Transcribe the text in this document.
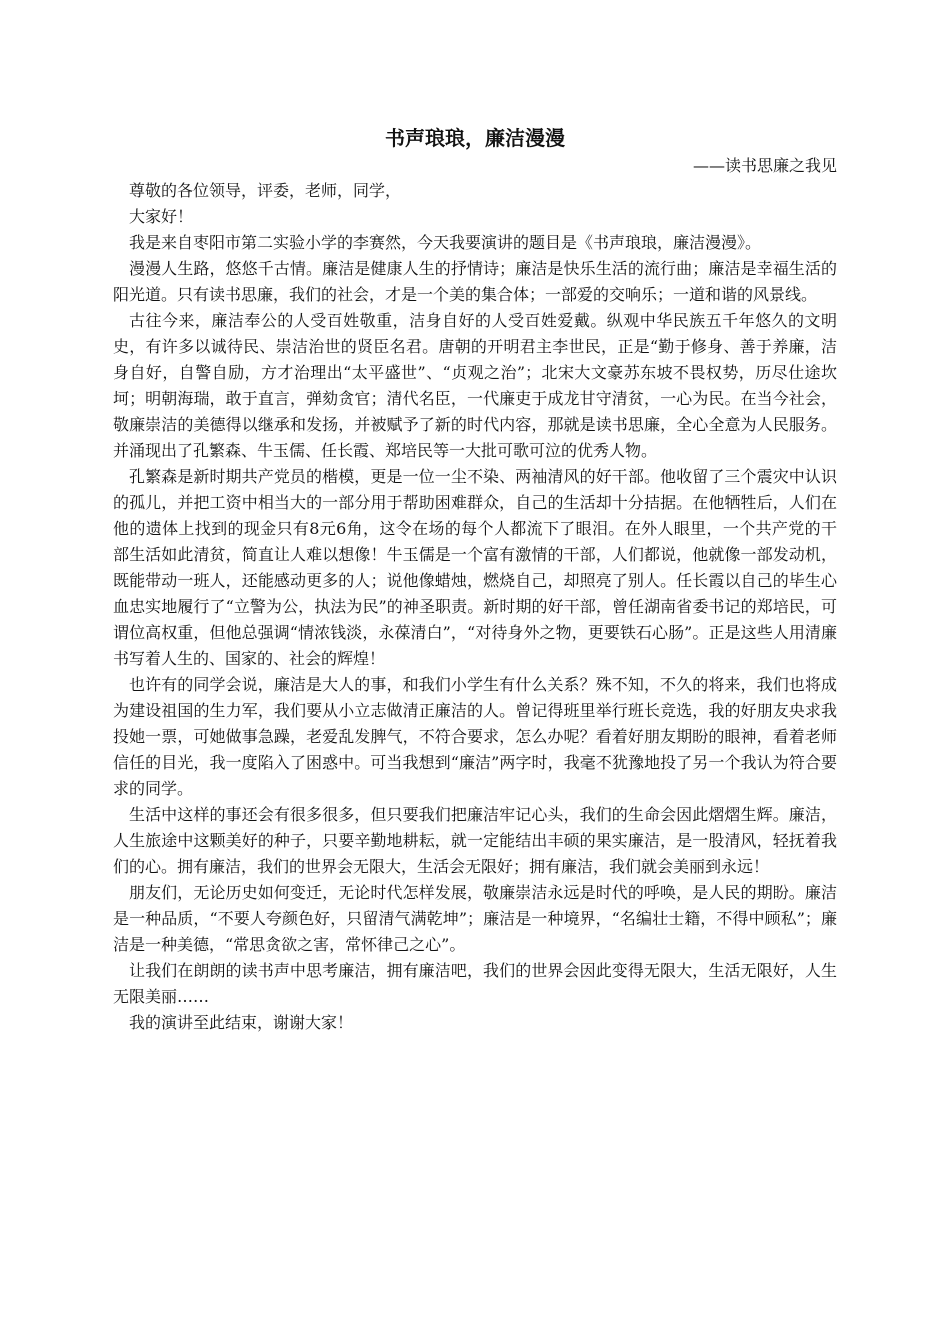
书声琅琅，廉洁漫漫

——读书思廉之我见

尊敬的各位领导，评委，老师，同学，

大家好！

我是来自枣阳市第二实验小学的李赛然，今天我要演讲的题目是《书声琅琅，廉洁漫漫》。

漫漫人生路，悠悠千古情。廉洁是健康人生的抒情诗；廉洁是快乐生活的流行曲；廉洁是幸福生活的阳光道。只有读书思廉，我们的社会，才是一个美的集合体；一部爱的交响乐；一道和谐的风景线。

古往今来，廉洁奉公的人受百姓敬重，洁身自好的人受百姓爱戴。纵观中华民族五千年悠久的文明史，有许多以诚待民、崇洁治世的贤臣名君。唐朝的开明君主李世民，正是“勤于修身、善于养廉，洁身自好，自警自励，方才治理出“太平盛世”、“贞观之治”；北宋大文豪苏东坡不畏权势，历尽仕途坎坷；明朝海瑞，敢于直言，弹劾贪官；清代名臣，一代廉吏于成龙甘守清贫，一心为民。在当今社会，敬廉崇洁的美德得以继承和发扬，并被赋予了新的时代内容，那就是读书思廉，全心全意为人民服务。并涌现出了孔繁森、牛玉儒、任长霞、郑培民等一大批可歌可泣的优秀人物。

孔繁森是新时期共产党员的楷模，更是一位一尘不染、两袖清风的好干部。他收留了三个震灾中认识的孤儿，并把工资中相当大的一部分用于帮助困难群众，自己的生活却十分拮据。在他牺牲后，人们在他的遗体上找到的现金只有8元6角，这令在场的每个人都流下了眼泪。在外人眼里，一个共产党的干部生活如此清贫，简直让人难以想像！牛玉儒是一个富有激情的干部，人们都说，他就像一部发动机，既能带动一班人，还能感动更多的人；说他像蜡烛，燃烧自己，却照亮了别人。任长霞以自己的毕生心血忠实地履行了“立警为公，执法为民”的神圣职责。新时期的好干部，曾任湖南省委书记的郑培民，可谓位高权重，但他总强调“情浓钱淡，永葆清白”，“对待身外之物，更要铁石心肠”。正是这些人用清廉书写着人生的、国家的、社会的辉煌！

也许有的同学会说，廉洁是大人的事，和我们小学生有什么关系？殊不知，不久的将来，我们也将成为建设祖国的生力军，我们要从小立志做清正廉洁的人。曾记得班里举行班长竞选，我的好朋友央求我投她一票，可她做事急躁，老爱乱发脾气，不符合要求，怎么办呢？看着好朋友期盼的眼神，看着老师信任的目光，我一度陷入了困惑中。可当我想到“廉洁”两字时，我毫不犹豫地投了另一个我认为符合要求的同学。

生活中这样的事还会有很多很多，但只要我们把廉洁牢记心头，我们的生命会因此熠熠生辉。廉洁，人生旅途中这颗美好的种子，只要辛勤地耕耘，就一定能结出丰硕的果实廉洁，是一股清风，轻抚着我们的心。拥有廉洁，我们的世界会无限大，生活会无限好；拥有廉洁，我们就会美丽到永远！

朋友们，无论历史如何变迁，无论时代怎样发展，敬廉崇洁永远是时代的呼唤，是人民的期盼。廉洁是一种品质，“不要人夸颜色好，只留清气满乾坤”；廉洁是一种境界，“名编壮士籍，不得中顾私”；廉洁是一种美德，“常思贪欲之害，常怀律己之心”。

让我们在朗朗的读书声中思考廉洁，拥有廉洁吧，我们的世界会因此变得无限大，生活无限好，人生无限美丽……

我的演讲至此结束，谢谢大家！
